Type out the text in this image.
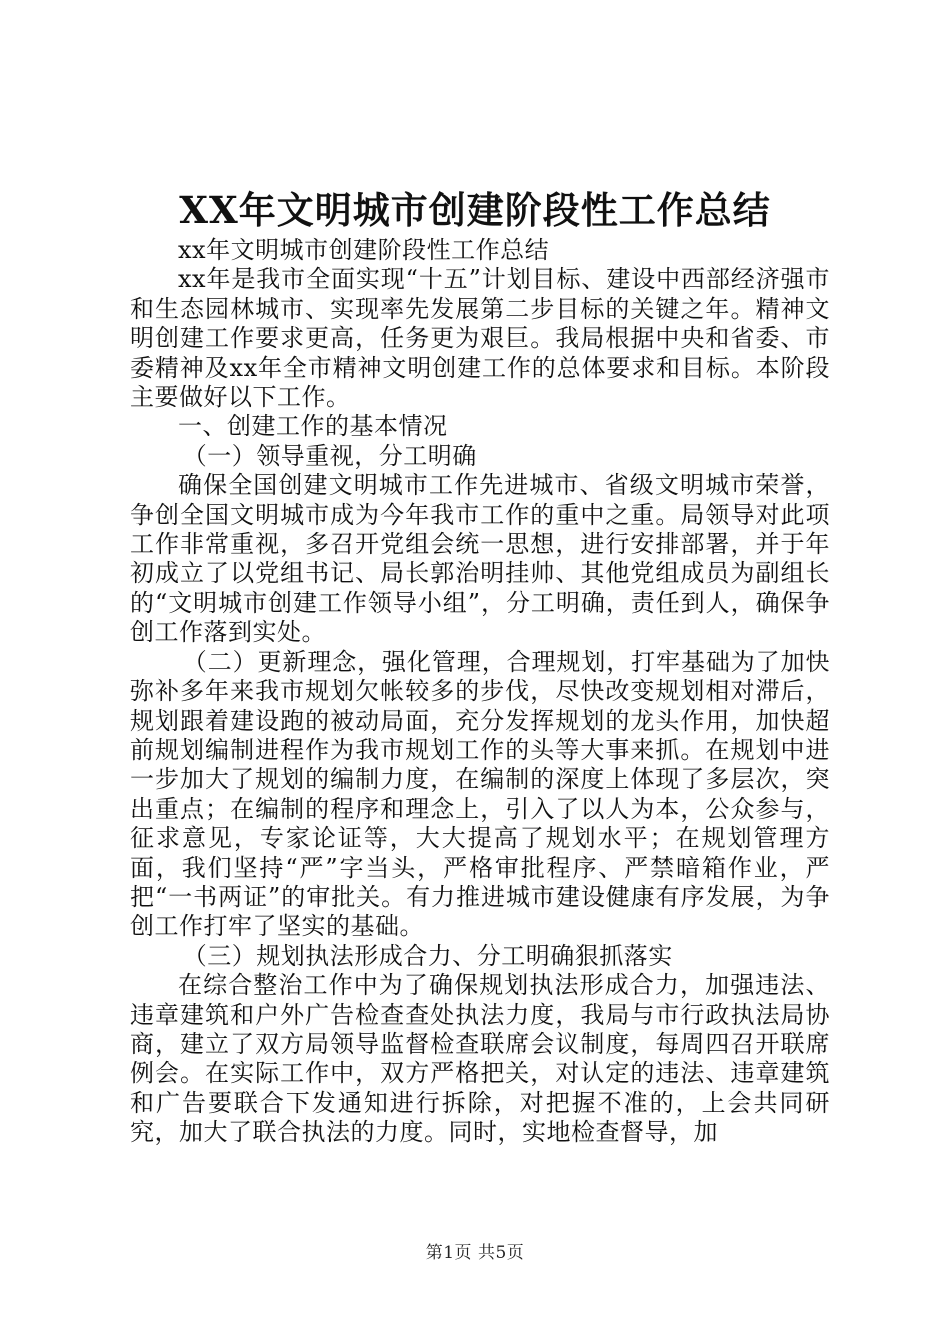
XX年文明城市创建阶段性工作总结

xx年文明城市创建阶段性工作总结

xx年是我市全面实现“十五”计划目标、建设中西部经济强市和生态园林城市、实现率先发展第二步目标的关键之年。精神文明创建工作要求更高，任务更为艰巨。我局根据中央和省委、市委精神及xx年全市精神文明创建工作的总体要求和目标。本阶段主要做好以下工作。

一、创建工作的基本情况

（一）领导重视，分工明确

确保全国创建文明城市工作先进城市、省级文明城市荣誉，争创全国文明城市成为今年我市工作的重中之重。局领导对此项工作非常重视，多召开党组会统一思想，进行安排部署，并于年初成立了以党组书记、局长郭治明挂帅、其他党组成员为副组长的“文明城市创建工作领导小组”，分工明确，责任到人，确保争创工作落到实处。

（二）更新理念，强化管理，合理规划，打牢基础为了加快弥补多年来我市规划欠帐较多的步伐，尽快改变规划相对滞后，规划跟着建设跑的被动局面，充分发挥规划的龙头作用，加快超前规划编制进程作为我市规划工作的头等大事来抓。在规划中进一步加大了规划的编制力度，在编制的深度上体现了多层次，突出重点；在编制的程序和理念上，引入了以人为本，公众参与，征求意见，专家论证等，大大提高了规划水平；在规划管理方面，我们坚持“严”字当头，严格审批程序、严禁暗箱作业，严把“一书两证”的审批关。有力推进城市建设健康有序发展，为争创工作打牢了坚实的基础。

（三）规划执法形成合力、分工明确狠抓落实

在综合整治工作中为了确保规划执法形成合力，加强违法、违章建筑和户外广告检查查处执法力度，我局与市行政执法局协商，建立了双方局领导监督检查联席会议制度，每周四召开联席例会。在实际工作中，双方严格把关，对认定的违法、违章建筑和广告要联合下发通知进行拆除，对把握不准的，上会共同研究，加大了联合执法的力度。同时，实地检查督导，加

第1页 共5页
